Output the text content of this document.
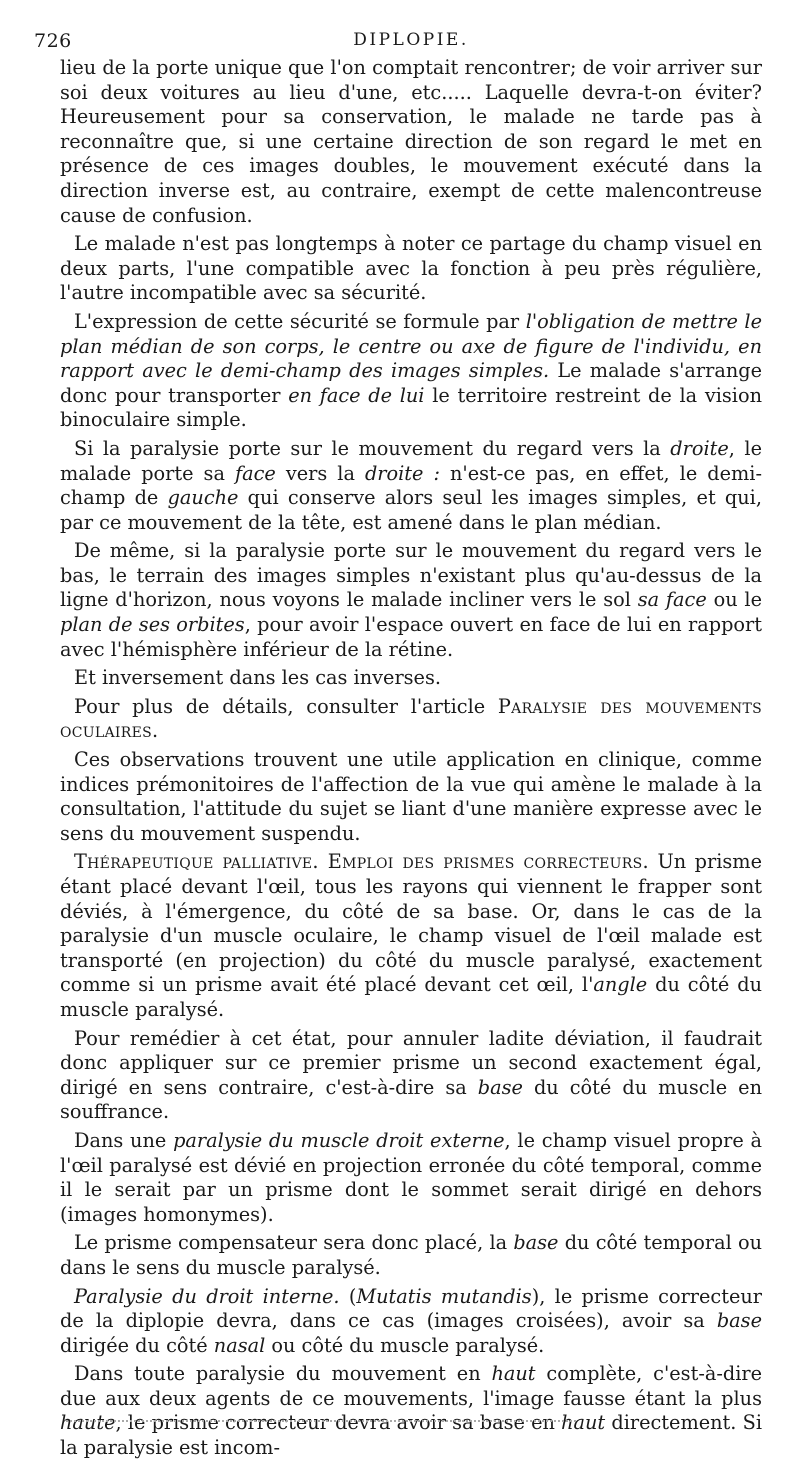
726	DIPLOPIE.

lieu de la porte unique que l'on comptait rencontrer; de voir arriver sur soi deux voitures au lieu d'une, etc..... Laquelle devra-t-on éviter? Heureusement pour sa conservation, le malade ne tarde pas à reconnaître que, si une certaine direction de son regard le met en présence de ces images doubles, le mouvement exécuté dans la direction inverse est, au contraire, exempt de cette malencontreuse cause de confusion.

Le malade n'est pas longtemps à noter ce partage du champ visuel en deux parts, l'une compatible avec la fonction à peu près régulière, l'autre incompatible avec sa sécurité.

L'expression de cette sécurité se formule par l'obligation de mettre le plan médian de son corps, le centre ou axe de figure de l'individu, en rapport avec le demi-champ des images simples. Le malade s'arrange donc pour transporter en face de lui le territoire restreint de la vision binoculaire simple.

Si la paralysie porte sur le mouvement du regard vers la droite, le malade porte sa face vers la droite : n'est-ce pas, en effet, le demi-champ de gauche qui conserve alors seul les images simples, et qui, par ce mouvement de la tête, est amené dans le plan médian.

De même, si la paralysie porte sur le mouvement du regard vers le bas, le terrain des images simples n'existant plus qu'au-dessus de la ligne d'horizon, nous voyons le malade incliner vers le sol sa face ou le plan de ses orbites, pour avoir l'espace ouvert en face de lui en rapport avec l'hémisphère inférieur de la rétine.

Et inversement dans les cas inverses.

Pour plus de détails, consulter l'article Paralysie des mouvements oculaires.

Ces observations trouvent une utile application en clinique, comme indices prémonitoires de l'affection de la vue qui amène le malade à la consultation, l'attitude du sujet se liant d'une manière expresse avec le sens du mouvement suspendu.

Thérapeutique palliative. Emploi des prismes correcteurs. Un prisme étant placé devant l'œil, tous les rayons qui viennent le frapper sont déviés, à l'émergence, du côté de sa base. Or, dans le cas de la paralysie d'un muscle oculaire, le champ visuel de l'œil malade est transporté (en projection) du côté du muscle paralysé, exactement comme si un prisme avait été placé devant cet œil, l'angle du côté du muscle paralysé.

Pour remédier à cet état, pour annuler ladite déviation, il faudrait donc appliquer sur ce premier prisme un second exactement égal, dirigé en sens contraire, c'est-à-dire sa base du côté du muscle en souffrance.

Dans une paralysie du muscle droit externe, le champ visuel propre à l'œil paralysé est dévié en projection erronée du côté temporal, comme il le serait par un prisme dont le sommet serait dirigé en dehors (images homonymes).

Le prisme compensateur sera donc placé, la base du côté temporal ou dans le sens du muscle paralysé.

Paralysie du droit interne. (Mutatis mutandis), le prisme correcteur de la diplopie devra, dans ce cas (images croisées), avoir sa base dirigée du côté nasal ou côté du muscle paralysé.

Dans toute paralysie du mouvement en haut complète, c'est-à-dire due aux deux agents de ce mouvements, l'image fausse étant la plus haute, le prisme correcteur devra avoir sa base en haut directement. Si la paralysie est incom-
